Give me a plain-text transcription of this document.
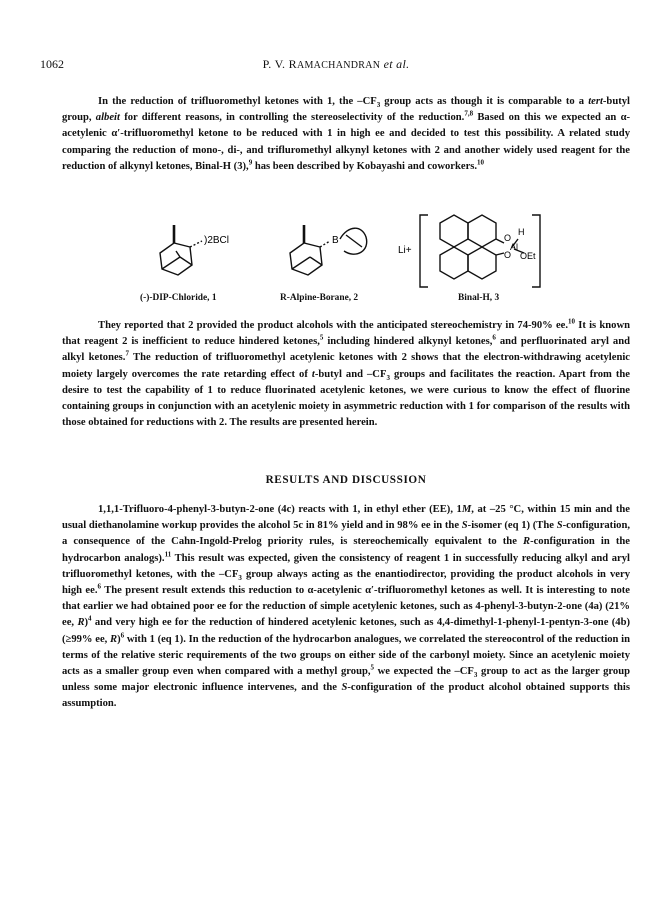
1062	P. V. RAMACHANDRAN et al.

In the reduction of trifluoromethyl ketones with 1, the $-CF_3$ group acts as though it is comparable to a tert-butyl group, albeit for different reasons, in controlling the stereoselectivity of the reduction.$^{7,8}$ Based on this we expected an α-acetylenic α′-trifluoromethyl ketone to be reduced with 1 in high ee and decided to test this possibility. A related study comparing the reduction of mono-, di-, and trifluromethyl alkynyl ketones with 2 and another widely used reagent for the reduction of alkynyl ketones, Binal-H (3),$^9$ has been described by Kobayashi and coworkers.$^{10}$

)2BCl	B
Li+
O
O
Al
H
OEt
(-)-DIP-Chloride, 1	R-Alpine-Borane, 2	Binal-H, 3

They reported that 2 provided the product alcohols with the anticipated stereochemistry in 74-90% ee.$^{10}$ It is known that reagent 2 is inefficient to reduce hindered ketones,$^5$ including hindered alkynyl ketones,$^6$ and perfluorinated aryl and alkyl ketones.$^7$ The reduction of trifluoromethyl acetylenic ketones with 2 shows that the electron-withdrawing acetylenic moiety largely overcomes the rate retarding effect of t-butyl and $-CF_3$ groups and facilitates the reaction. Apart from the desire to test the capability of 1 to reduce fluorinated acetylenic ketones, we were curious to know the effect of fluorine containing groups in conjunction with an acetylenic moiety in asymmetric reduction with 1 for comparison of the results with those obtained for reductions with 2. The results are presented herein.

RESULTS AND DISCUSSION

1,1,1-Trifluoro-4-phenyl-3-butyn-2-one (4c) reacts with 1, in ethyl ether (EE), 1M, at –25 °C, within 15 min and the usual diethanolamine workup provides the alcohol 5c in 81% yield and in 98% ee in the S-isomer (eq 1) (The S-configuration, a consequence of the Cahn-Ingold-Prelog priority rules, is stereochemically equivalent to the R-configuration in the hydrocarbon analogs).$^{11}$ This result was expected, given the consistency of reagent 1 in successfully reducing alkyl and aryl trifluoromethyl ketones, with the $-CF_3$ group always acting as the enantiodirector, providing the product alcohols in very high ee.$^6$ The present result extends this reduction to α-acetylenic α′-trifluoromethyl ketones as well. It is interesting to note that earlier we had obtained poor ee for the reduction of simple acetylenic ketones, such as 4-phenyl-3-butyn-2-one (4a) (21% ee, R)$^4$ and very high ee for the reduction of hindered acetylenic ketones, such as 4,4-dimethyl-1-phenyl-1-pentyn-3-one (4b) (≥99% ee, R)$^6$ with 1 (eq 1). In the reduction of the hydrocarbon analogues, we correlated the stereocontrol of the reduction in terms of the relative steric requirements of the two groups on either side of the carbonyl moiety. Since an acetylenic moiety acts as a smaller group even when compared with a methyl group,$^5$ we expected the $-CF_3$ group to act as the larger group unless some major electronic influence intervenes, and the S-configuration of the product alcohol obtained supports this assumption.
